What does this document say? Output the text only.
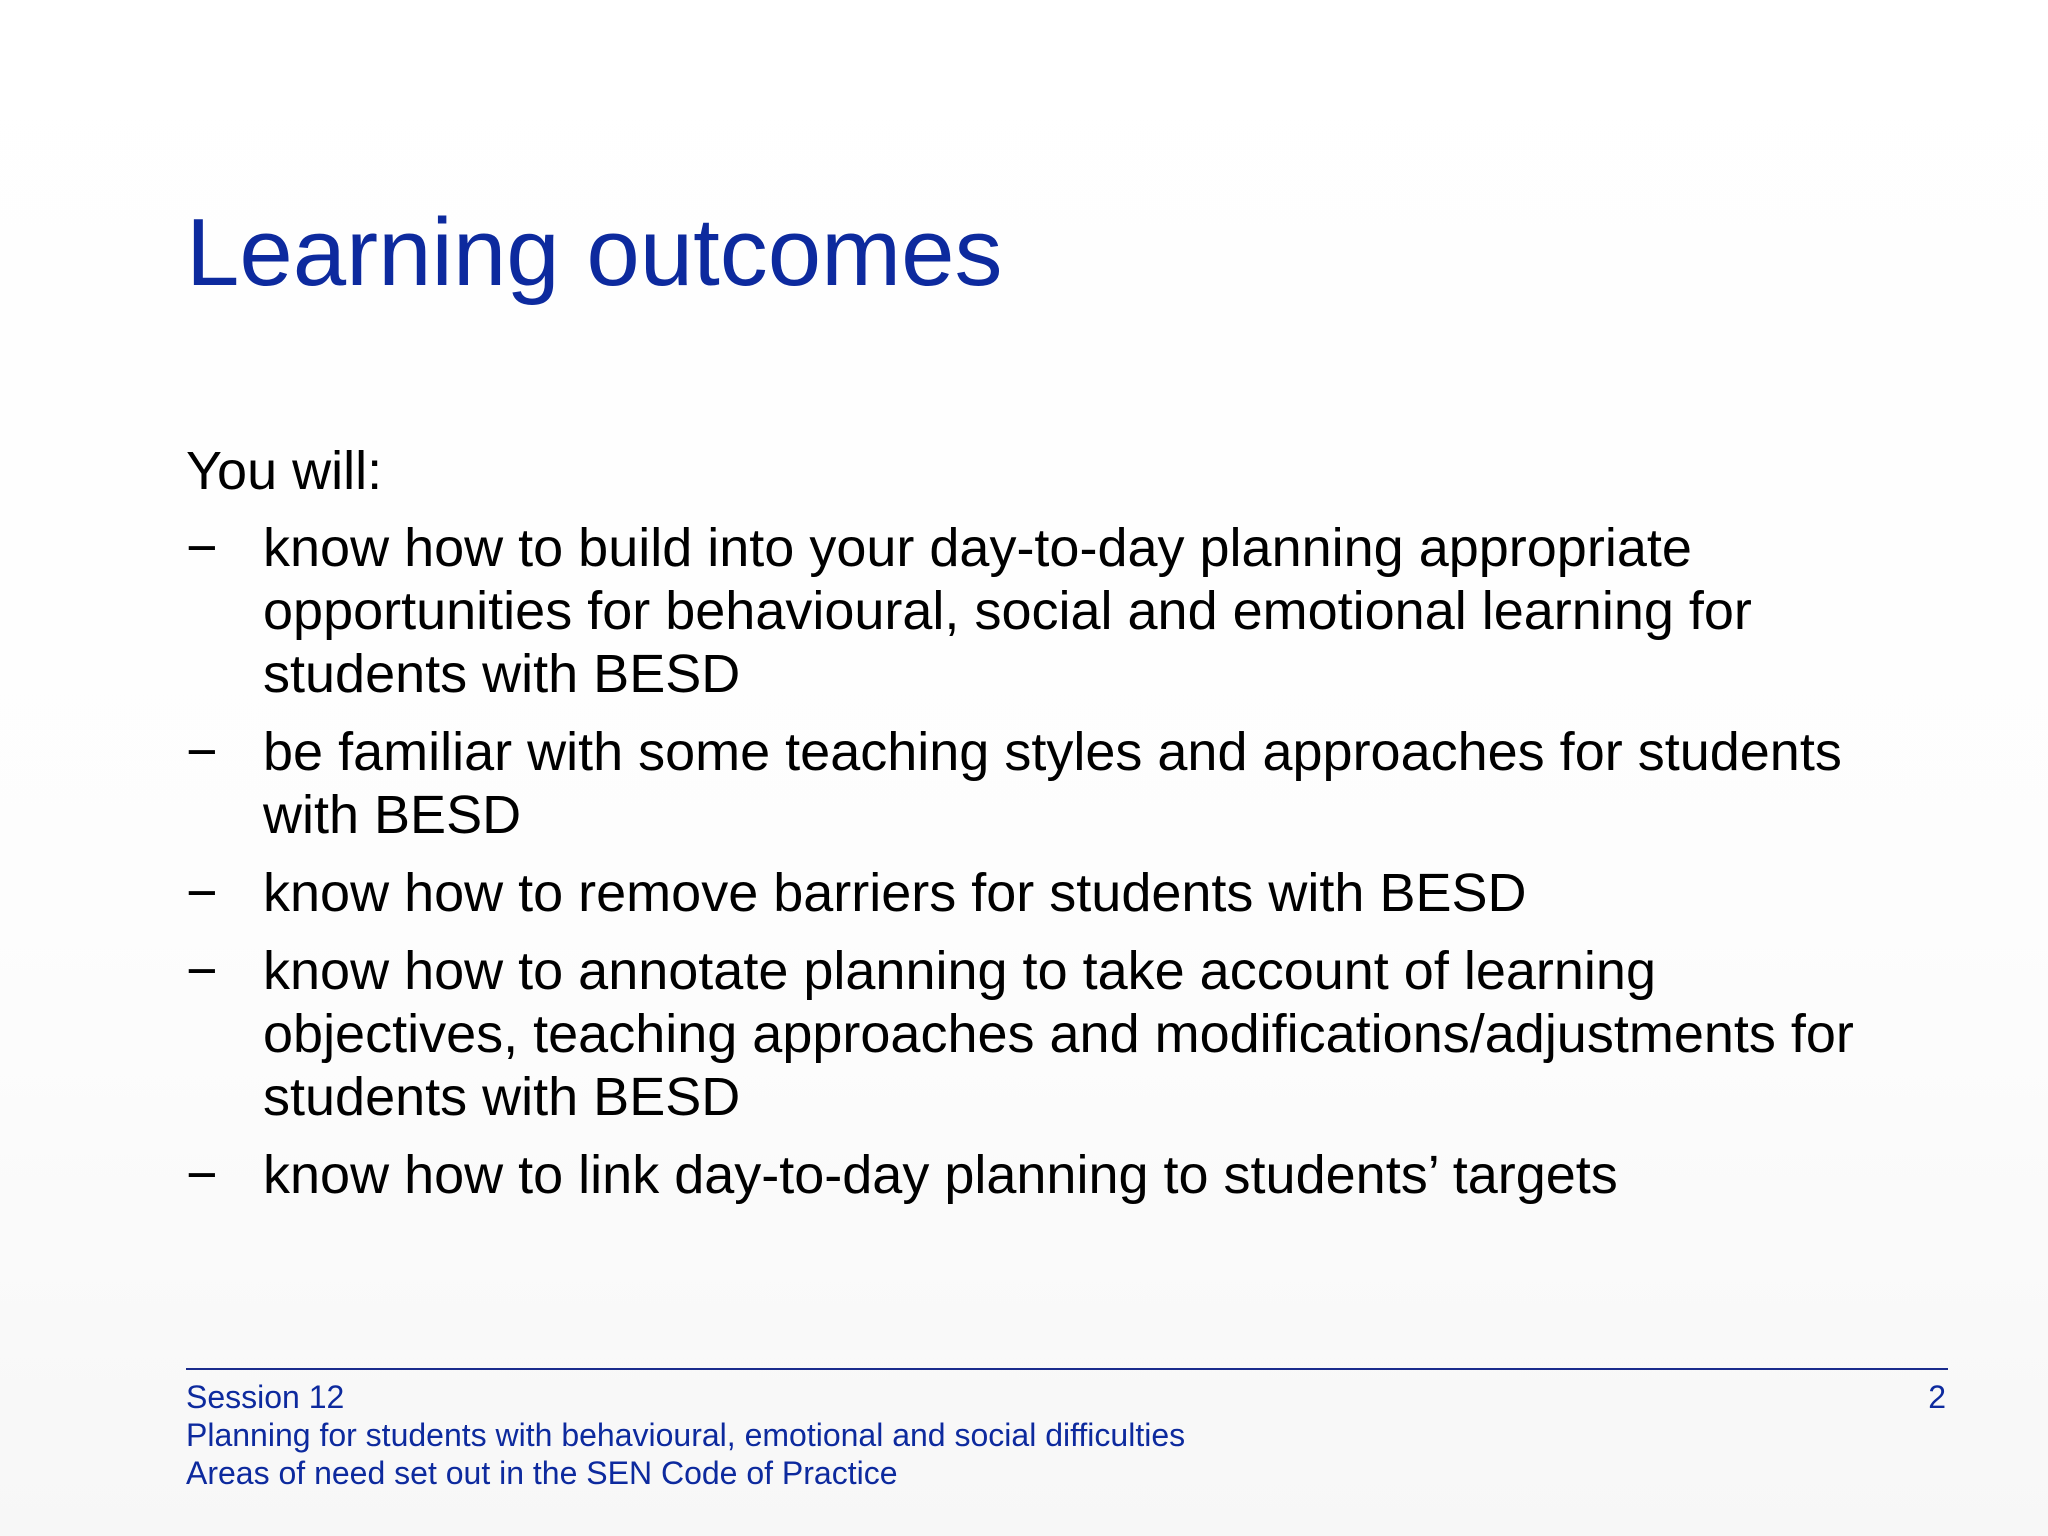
Learning outcomes

You will:

− know how to build into your day-to-day planning appropriate opportunities for behavioural, social and emotional learning for students with BESD
− be familiar with some teaching styles and approaches for students with BESD
− know how to remove barriers for students with BESD
− know how to annotate planning to take account of learning objectives, teaching approaches and modifications/adjustments for students with BESD
− know how to link day-to-day planning to students’ targets
Session 12
Planning for students with behavioural, emotional and social difficulties
Areas of need set out in the SEN Code of Practice
2
